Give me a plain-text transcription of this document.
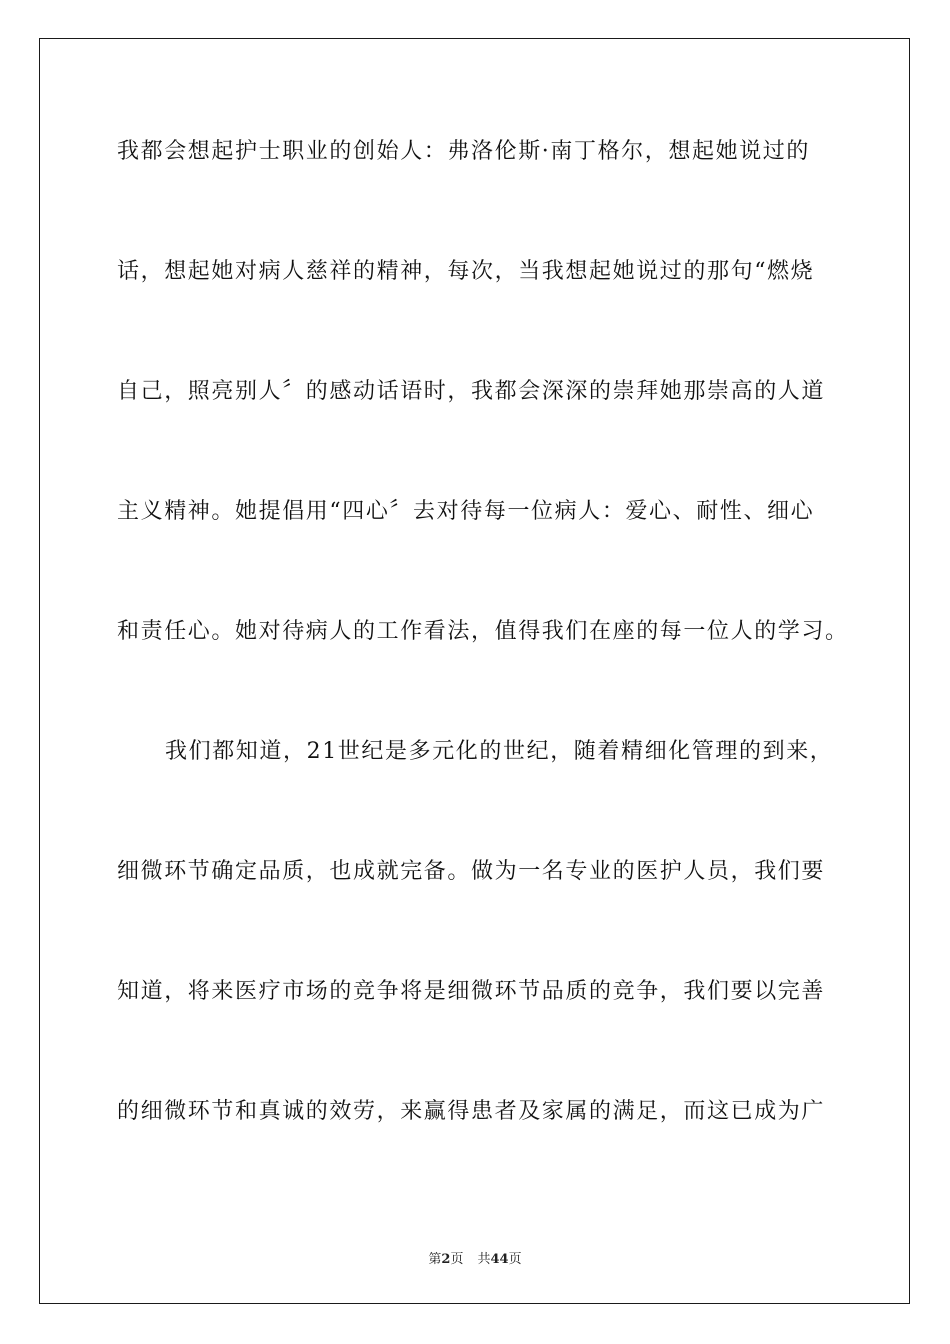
我都会想起护士职业的创始人：弗洛伦斯·南丁格尔，想起她说过的
话，想起她对病人慈祥的精神，每次，当我想起她说过的那句“燃烧
自己，照亮别人〞的感动话语时，我都会深深的崇拜她那崇高的人道
主义精神。她提倡用“四心〞去对待每一位病人：爱心、耐性、细心
和责任心。她对待病人的工作看法，值得我们在座的每一位人的学习。
我们都知道，21世纪是多元化的世纪，随着精细化管理的到来，
细微环节确定品质，也成就完备。做为一名专业的医护人员，我们要
知道，将来医疗市场的竞争将是细微环节品质的竞争，我们要以完善
的细微环节和真诚的效劳，来赢得患者及家属的满足，而这已成为广
第2页 共44页
